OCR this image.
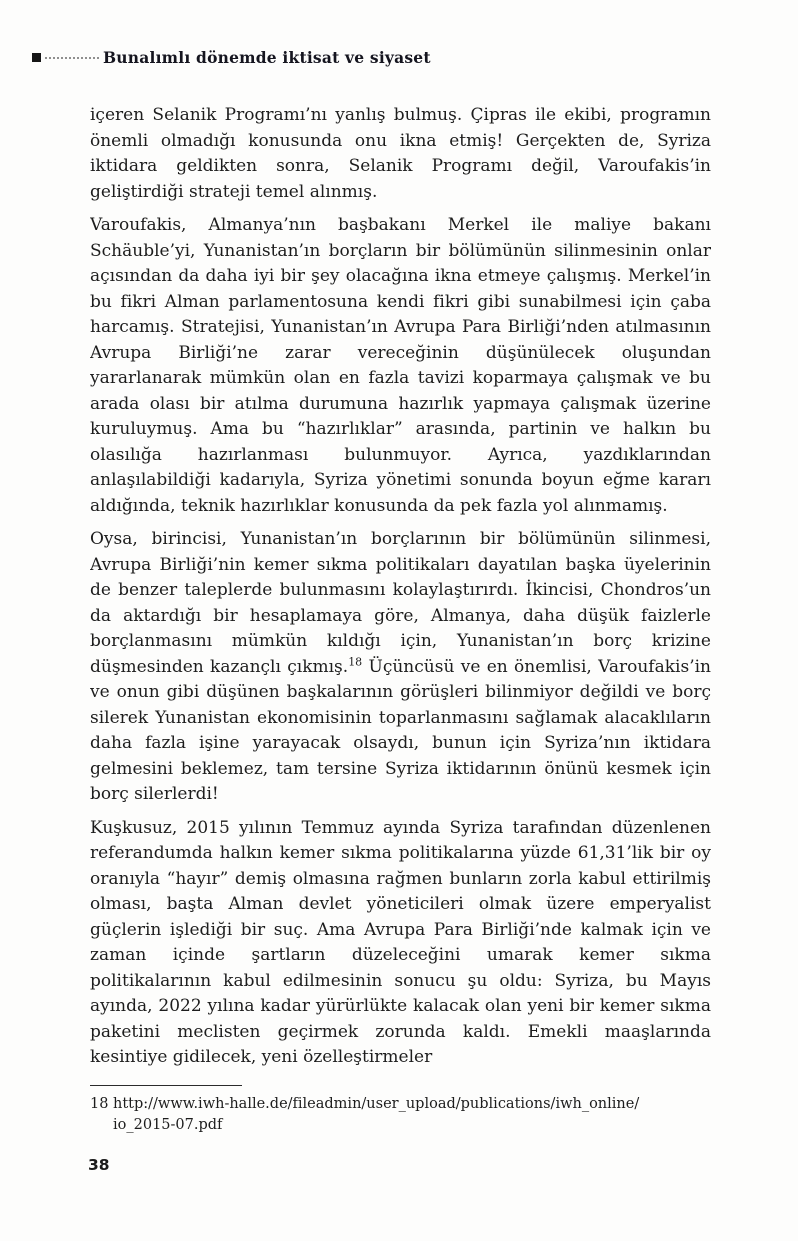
Bunalımlı dönemde iktisat ve siyaset

içeren Selanik Programı’nı yanlış bulmuş. Çipras ile ekibi, programın önemli olmadığı konusunda onu ikna etmiş! Gerçekten de, Syriza iktidara geldikten sonra, Selanik Programı değil, Varoufakis’in geliştirdiği strateji temel alınmış.

Varoufakis, Almanya’nın başbakanı Merkel ile maliye bakanı Schäuble’yi, Yunanistan’ın borçların bir bölümünün silinmesinin onlar açısından da daha iyi bir şey olacağına ikna etmeye çalışmış. Merkel’in bu fikri Alman parlamentosuna kendi fikri gibi sunabilmesi için çaba harcamış. Stratejisi, Yunanistan’ın Avrupa Para Birliği’nden atılmasının Avrupa Birliği’ne zarar vereceğinin düşünülecek oluşundan yararlanarak mümkün olan en fazla tavizi koparmaya çalışmak ve bu arada olası bir atılma durumuna hazırlık yapmaya çalışmak üzerine kuruluymuş. Ama bu “hazırlıklar” arasında, partinin ve halkın bu olasılığa hazırlanması bulunmuyor. Ayrıca, yazdıklarından anlaşılabildiği kadarıyla, Syriza yönetimi sonunda boyun eğme kararı aldığında, teknik hazırlıklar konusunda da pek fazla yol alınmamış.

Oysa, birincisi, Yunanistan’ın borçlarının bir bölümünün silinmesi, Avrupa Birliği’nin kemer sıkma politikaları dayatılan başka üyelerinin de benzer taleplerde bulunmasını kolaylaştırırdı. İkincisi, Chondros’un da aktardığı bir hesaplamaya göre, Almanya, daha düşük faizlerle borçlanmasını mümkün kıldığı için, Yunanistan’ın borç krizine düşmesinden kazançlı çıkmış.$^{18}$ Üçüncüsü ve en önemlisi, Varoufakis’in ve onun gibi düşünen başkalarının görüşleri bilinmiyor değildi ve borç silerek Yunanistan ekonomisinin toparlanmasını sağlamak alacaklıların daha fazla işine yarayacak olsaydı, bunun için Syriza’nın iktidara gelmesini beklemez, tam tersine Syriza iktidarının önünü kesmek için borç silerlerdi!

Kuşkusuz, 2015 yılının Temmuz ayında Syriza tarafından düzenlenen referandumda halkın kemer sıkma politikalarına yüzde 61,31’lik bir oy oranıyla “hayır” demiş olmasına rağmen bunların zorla kabul ettirilmiş olması, başta Alman devlet yöneticileri olmak üzere emperyalist güçlerin işlediği bir suç. Ama Avrupa Para Birliği’nde kalmak için ve zaman içinde şartların düzeleceğini umarak kemer sıkma politikalarının kabul edilmesinin sonucu şu oldu: Syriza, bu Mayıs ayında, 2022 yılına kadar yürürlükte kalacak olan yeni bir kemer sıkma paketini meclisten geçirmek zorunda kaldı. Emekli maaşlarında kesintiye gidilecek, yeni özelleştirmeler

18 http://www.iwh-halle.de/fileadmin/user_upload/publications/iwh_online/
io_2015-07.pdf
38
